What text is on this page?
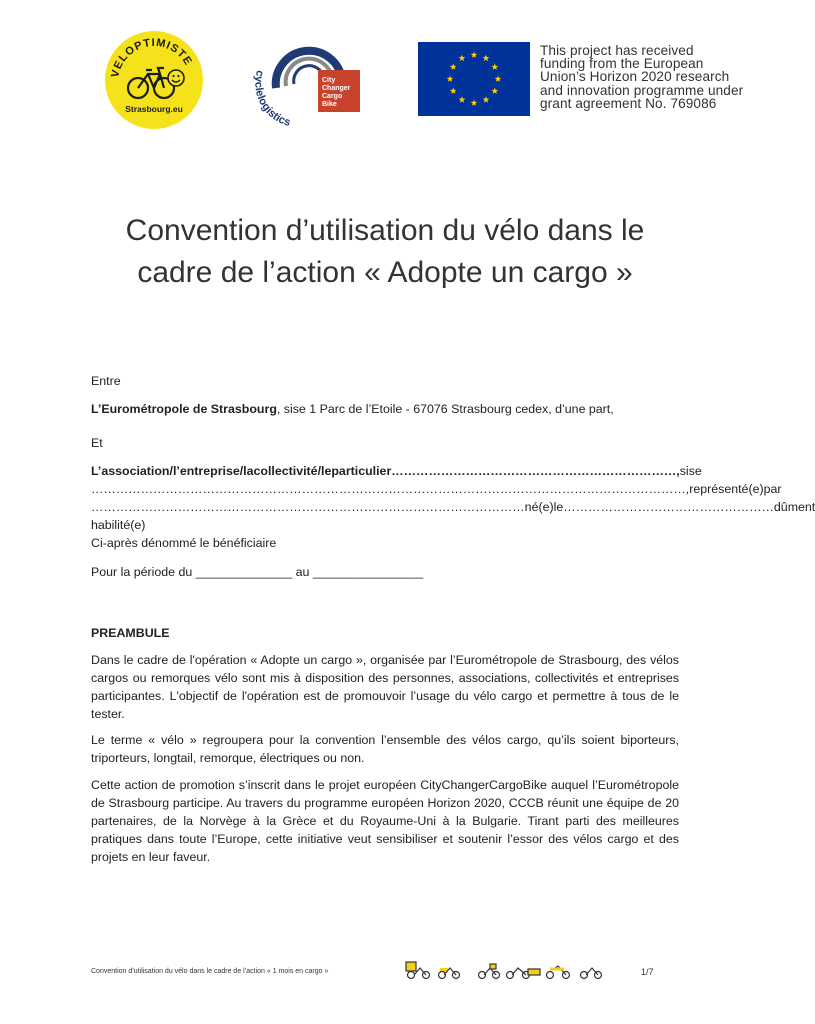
VELOPTIMISTE
Strasbourg.eu
cyclelogistics
City
Changer
Cargo
Bike
This project has received
funding from the European
Union’s Horizon 2020 research
and innovation programme under
grant agreement No. 769086
Convention d’utilisation du vélo dans le
cadre de l’action « Adopte un cargo »
Entre
L’Eurométropole de Strasbourg, sise 1 Parc de l’Etoile - 67076 Strasbourg cedex, d’une part,
Et
L’association/l’entreprise/la collectivité/le particulier……………………………………………………………, sise
………………………………………………………………………………………………………………………………, représenté(e) par
……………………………………………………………………………………………né(e) le …………………………………………… dûment
habilité(e)
Ci-après dénommé le bénéficiaire
Pour la période du ______________ au ________________
PREAMBULE
Dans le cadre de l'opération « Adopte un cargo », organisée par l’Eurométropole de Strasbourg, des vélos cargos ou remorques vélo sont mis à disposition des personnes, associations, collectivités et entreprises participantes. L'objectif de l'opération est de promouvoir l’usage du vélo cargo et permettre à tous de le tester.
Le terme « vélo » regroupera pour la convention l’ensemble des vélos cargo, qu’ils soient biporteurs, triporteurs, longtail, remorque, électriques ou non.
Cette action de promotion s’inscrit dans le projet européen CityChangerCargoBike auquel l’Eurométropole de Strasbourg participe. Au travers du programme européen Horizon 2020, CCCB réunit une équipe de 20 partenaires, de la Norvège à la Grèce et du Royaume-Uni à la Bulgarie. Tirant parti des meilleures pratiques dans toute l’Europe, cette initiative veut sensibiliser et soutenir l’essor des vélos cargo et des projets en leur faveur.
Convention d’utilisation du vélo dans le cadre de l’action « 1 mois en cargo »	1/7
